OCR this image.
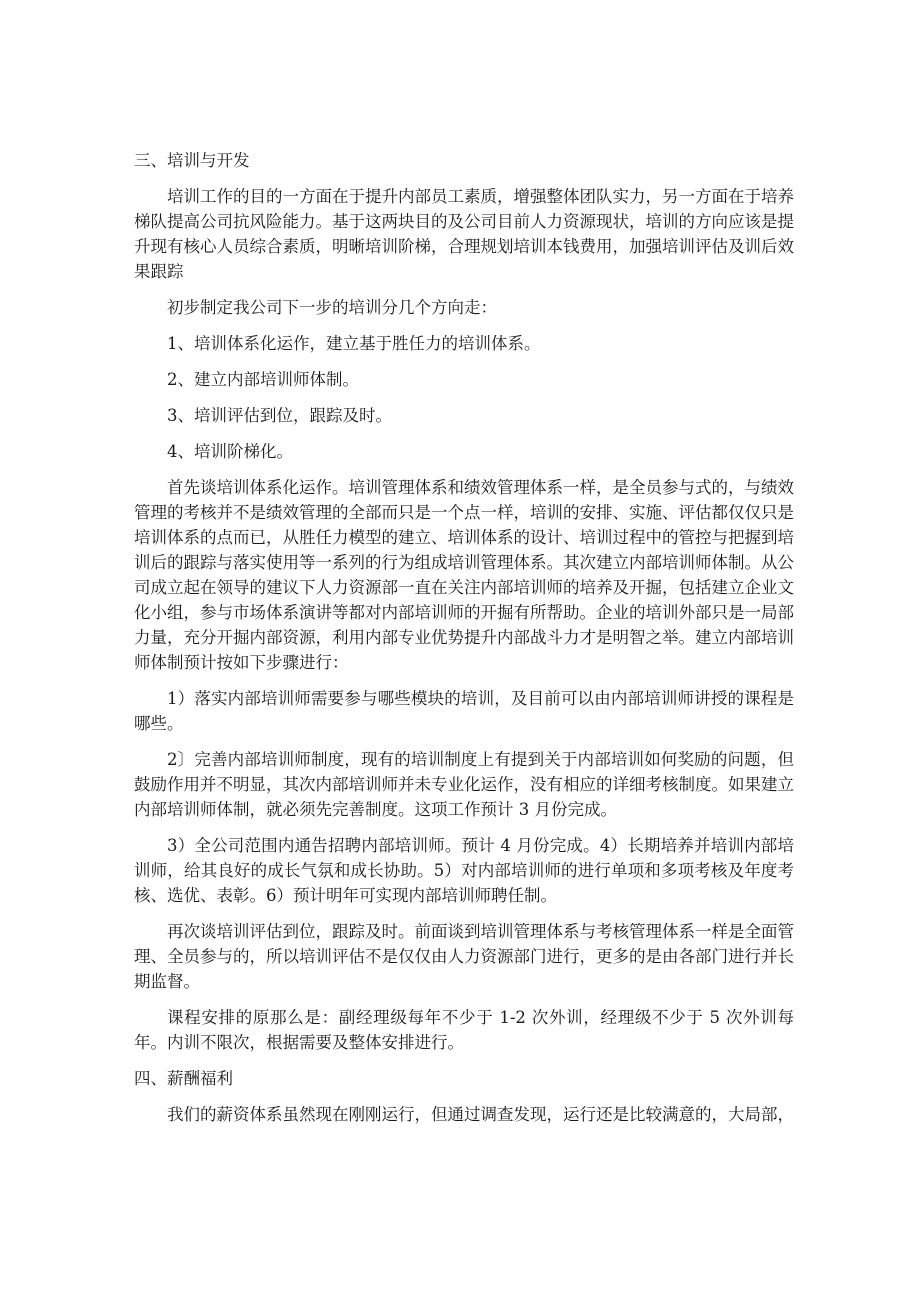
三、培训与开发

培训工作的目的一方面在于提升内部员工素质，增强整体团队实力，另一方面在于培养梯队提高公司抗风险能力。基于这两块目的及公司目前人力资源现状，培训的方向应该是提升现有核心人员综合素质，明晰培训阶梯，合理规划培训本钱费用，加强培训评估及训后效果跟踪

初步制定我公司下一步的培训分几个方向走：

1、培训体系化运作，建立基于胜任力的培训体系。

2、建立内部培训师体制。

3、培训评估到位，跟踪及时。

4、培训阶梯化。

首先谈培训体系化运作。培训管理体系和绩效管理体系一样，是全员参与式的，与绩效管理的考核并不是绩效管理的全部而只是一个点一样，培训的安排、实施、评估都仅仅只是培训体系的点而已，从胜任力模型的建立、培训体系的设计、培训过程中的管控与把握到培训后的跟踪与落实使用等一系列的行为组成培训管理体系。其次建立内部培训师体制。从公司成立起在领导的建议下人力资源部一直在关注内部培训师的培养及开掘，包括建立企业文化小组，参与市场体系演讲等都对内部培训师的开掘有所帮助。企业的培训外部只是一局部力量，充分开掘内部资源，利用内部专业优势提升内部战斗力才是明智之举。建立内部培训师体制预计按如下步骤进行：

1）落实内部培训师需要参与哪些模块的培训，及目前可以由内部培训师讲授的课程是哪些。

2〕完善内部培训师制度，现有的培训制度上有提到关于内部培训如何奖励的问题，但鼓励作用并不明显，其次内部培训师并未专业化运作，没有相应的详细考核制度。如果建立内部培训师体制，就必须先完善制度。这项工作预计 3 月份完成。

3）全公司范围内通告招聘内部培训师。预计 4 月份完成。4）长期培养并培训内部培训师，给其良好的成长气氛和成长协助。5）对内部培训师的进行单项和多项考核及年度考核、选优、表彰。6）预计明年可实现内部培训师聘任制。

再次谈培训评估到位，跟踪及时。前面谈到培训管理体系与考核管理体系一样是全面管理、全员参与的，所以培训评估不是仅仅由人力资源部门进行，更多的是由各部门进行并长期监督。

课程安排的原那么是：副经理级每年不少于 1-2 次外训，经理级不少于 5 次外训每年。内训不限次，根据需要及整体安排进行。

四、薪酬福利

我们的薪资体系虽然现在刚刚运行，但通过调查发现，运行还是比较满意的，大局部，
